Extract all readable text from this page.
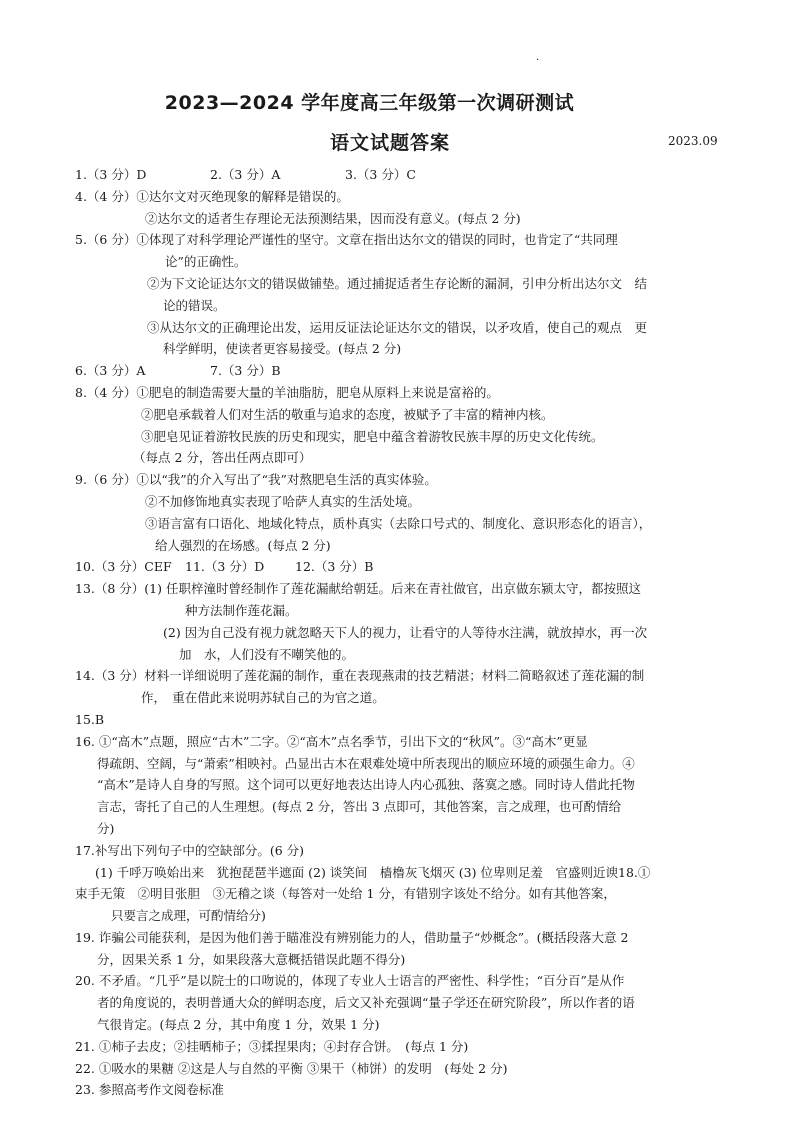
.
2023—2024 学年度高三年级第一次调研测试
语文试题答案	2023.09
1.（3 分）D	2.（3 分）A	3.（3 分）C
4.（4 分）①达尔文对灭绝现象的解释是错误的。
②达尔文的适者生存理论无法预测结果，因而没有意义。(每点 2 分)
5.（6 分）①体现了对科学理论严谨性的坚守。文章在指出达尔文的错误的同时，也肯定了“共同理
论”的正确性。
②为下文论证达尔文的错误做铺垫。通过捕捉适者生存论断的漏洞，引申分析出达尔文　结
论的错误。
③从达尔文的正确理论出发，运用反证法论证达尔文的错误，以矛攻盾，使自己的观点　更
科学鲜明，使读者更容易接受。(每点 2 分)
6.（3 分）A	7.（3 分）B
8.（4 分）①肥皂的制造需要大量的羊油脂肪，肥皂从原料上来说是富裕的。
②肥皂承载着人们对生活的敬重与追求的态度，被赋予了丰富的精神内核。
③肥皂见证着游牧民族的历史和现实，肥皂中蕴含着游牧民族丰厚的历史文化传统。
（每点 2 分，答出任两点即可）
9.（6 分）①以“我”的介入写出了“我”对熬肥皂生活的真实体验。
②不加修饰地真实表现了哈萨人真实的生活处境。
③语言富有口语化、地域化特点，质朴真实（去除口号式的、制度化、意识形态化的语言），
给人强烈的在场感。(每点 2 分)
10.（3 分）CEF 11.（3 分）D 12.（3 分）B
13.（8 分）(1) 任职梓潼时曾经制作了莲花漏献给朝廷。后来在青社做官，出京做东颍太守，都按照这
种方法制作莲花漏。
(2) 因为自己没有视力就忽略天下人的视力，让看守的人等待水注满，就放掉水，再一次
加　水，人们没有不嘲笑他的。
14.（3 分）材料一详细说明了莲花漏的制作，重在表现燕肃的技艺精湛；材料二简略叙述了莲花漏的制
作，　重在借此来说明苏轼自己的为官之道。
15.B
16. ①“高木”点题，照应“古木”二字。②“高木”点名季节，引出下文的“秋风”。③“高木”更显
得疏朗、空阔，与“萧索”相映衬。凸显出古木在艰难处境中所表现出的顺应环境的顽强生命力。④
“高木”是诗人自身的写照。这个词可以更好地表达出诗人内心孤独、落寞之感。同时诗人借此托物
言志，寄托了自己的人生理想。(每点 2 分，答出 3 点即可，其他答案，言之成理，也可酌情给
分)
17.补写出下列句子中的空缺部分。(6 分)
(1) 千呼万唤始出来　犹抱琵琶半遮面 (2) 谈笑间　樯橹灰飞烟灭 (3) 位卑则足羞　官盛则近谀18.①
束手无策　②明目张胆　③无稽之谈（每答对一处给 1 分，有错别字该处不给分。如有其他答案，
只要言之成理，可酌情给分)
19. 诈骗公司能获利，是因为他们善于瞄准没有辨别能力的人，借助量子“炒概念”。(概括段落大意 2
分，因果关系 1 分，如果段落大意概括错误此题不得分)
20. 不矛盾。“几乎”是以院士的口吻说的，体现了专业人士语言的严密性、科学性；“百分百”是从作
者的角度说的，表明普通大众的鲜明态度，后文又补充强调“量子学还在研究阶段”，所以作者的语
气很肯定。(每点 2 分，其中角度 1 分，效果 1 分)
21. ①柿子去皮；②挂晒柿子；③揉捏果肉；④封存合饼。　(每点 1 分)
22. ①吸水的果糖 ②这是人与自然的平衡 ③果干（柿饼）的发明　(每处 2 分)
23. 参照高考作文阅卷标准
